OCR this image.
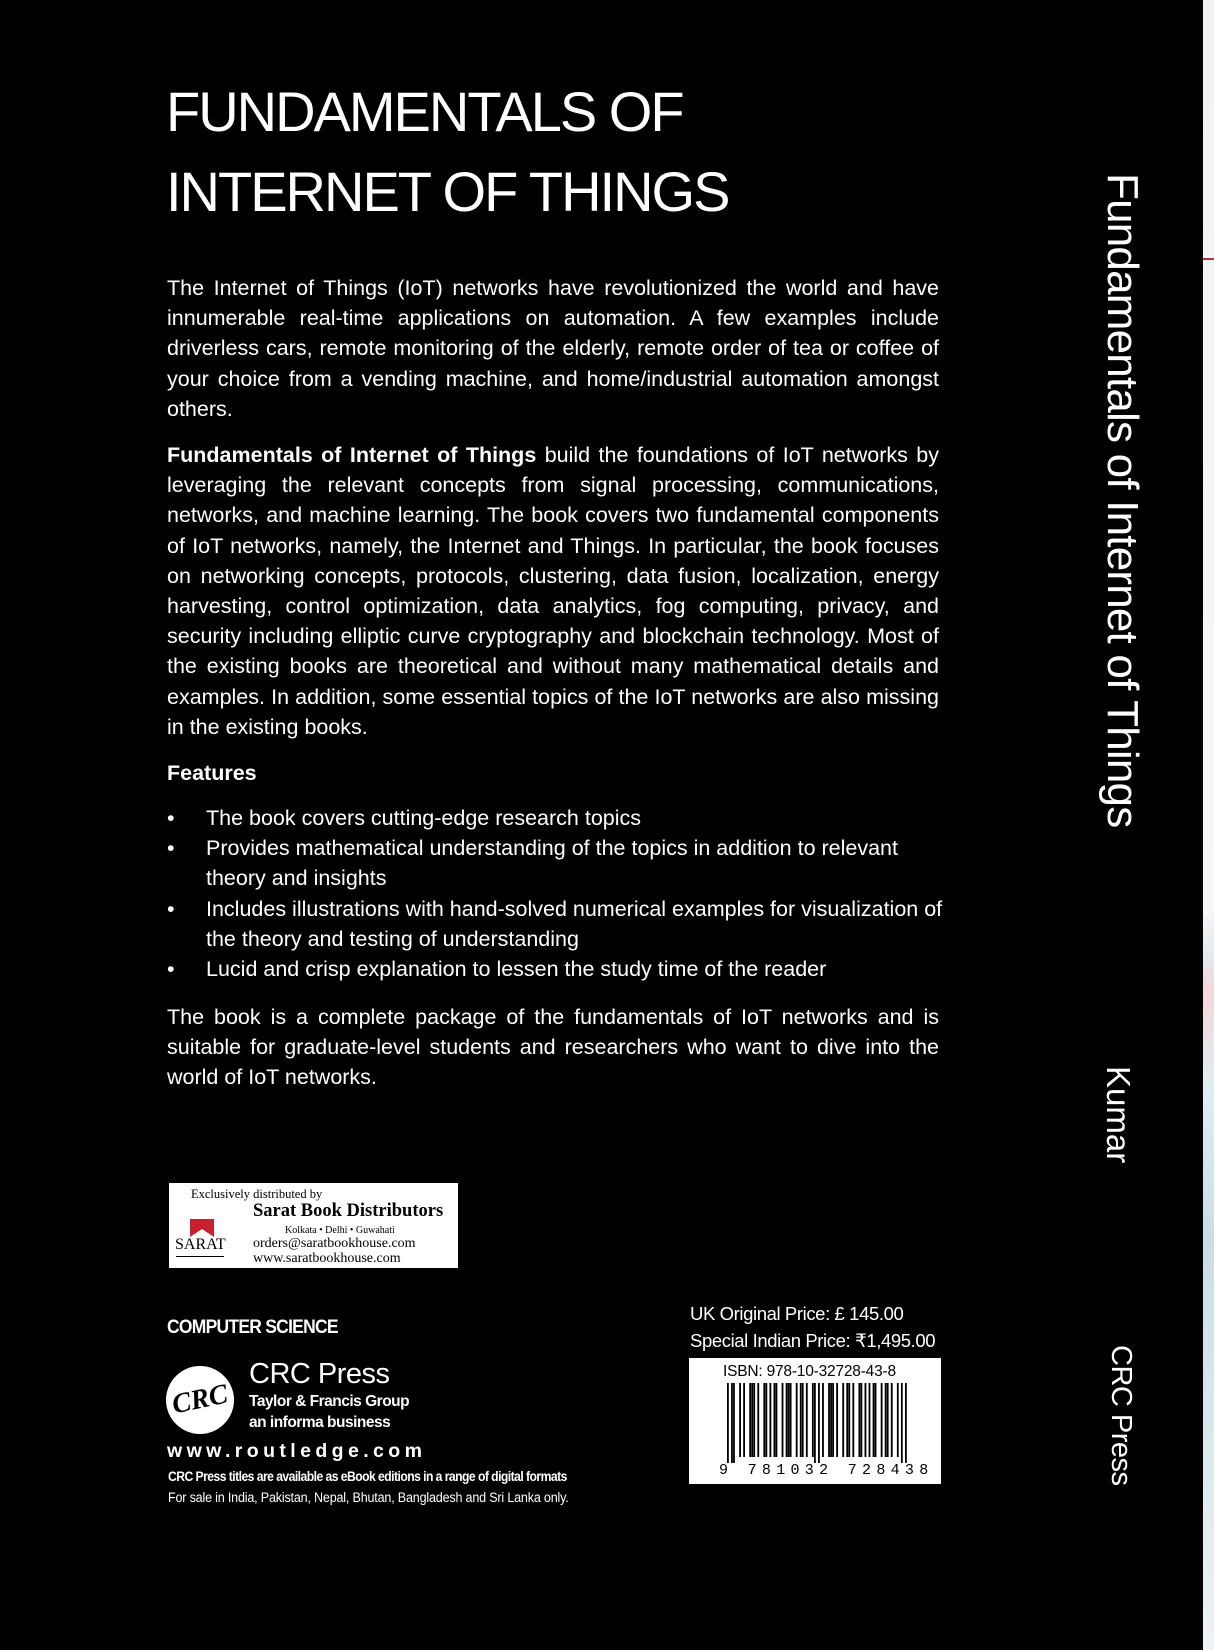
FUNDAMENTALS OF
INTERNET OF THINGS

The Internet of Things (IoT) networks have revolutionized the world and have innumerable real-time applications on automation. A few examples include driverless cars, remote monitoring of the elderly, remote order of tea or coffee of your choice from a vending machine, and home/industrial automation amongst others.

Fundamentals of Internet of Things build the foundations of IoT networks by leveraging the relevant concepts from signal processing, communications, networks, and machine learning. The book covers two fundamental components of IoT networks, namely, the Internet and Things. In particular, the book focuses on networking concepts, protocols, clustering, data fusion, localization, energy harvesting, control optimization, data analytics, fog computing, privacy, and security including elliptic curve cryptography and blockchain technology. Most of the existing books are theoretical and without many mathematical details and examples. In addition, some essential topics of the IoT networks are also missing in the existing books.

Features
• The book covers cutting-edge research topics
• Provides mathematical understanding of the topics in addition to relevant theory and insights
• Includes illustrations with hand-solved numerical examples for visualization of the theory and testing of understanding
• Lucid and crisp explanation to lessen the study time of the reader

The book is a complete package of the fundamentals of IoT networks and is suitable for graduate-level students and researchers who want to dive into the world of IoT networks.

Exclusively distributed by
SARAT
Sarat Book Distributors
Kolkata • Delhi • Guwahati
orders@saratbookhouse.com
www.saratbookhouse.com
COMPUTER SCIENCE
CRC
CRC Press
Taylor & Francis Group
an informa business
www.routledge.com
CRC Press titles are available as eBook editions in a range of digital formats
For sale in India, Pakistan, Nepal, Bhutan, Bangladesh and Sri Lanka only.
UK Original Price: £ 145.00
Special Indian Price: ₹1,495.00
ISBN: 978-10-32728-43-8
9 781032 728438
Fundamentals of Internet of Things
Kumar
CRC Press
